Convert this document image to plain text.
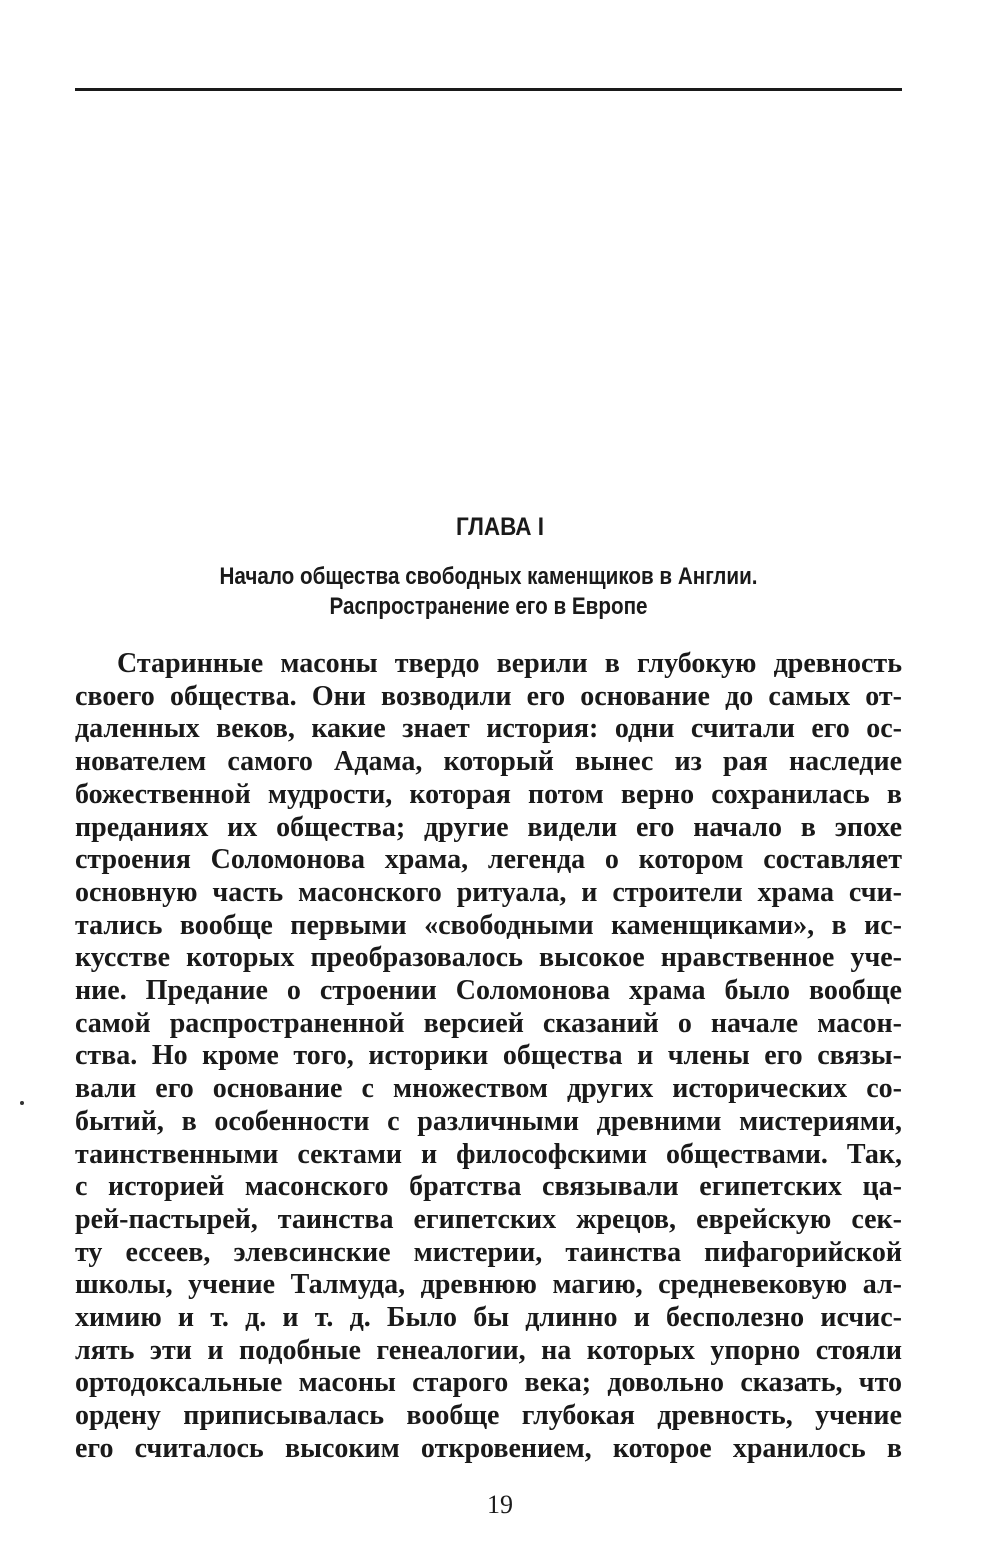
ГЛАВА I
Начало общества свободных каменщиков в Англии.
Распространение его в Европе
Старинные масоны твердо верили в глубокую древность
своего общества. Они возводили его основание до самых от-
даленных веков, какие знает история: одни считали его ос-
нователем самого Адама, который вынес из рая наследие
божественной мудрости, которая потом верно сохранилась в
преданиях их общества; другие видели его начало в эпохе
строения Соломонова храма, легенда о котором составляет
основную часть масонского ритуала, и строители храма счи-
тались вообще первыми «свободными каменщиками», в ис-
кусстве которых преобразовалось высокое нравственное уче-
ние. Предание о строении Соломонова храма было вообще
самой распространенной версией сказаний о начале масон-
ства. Но кроме того, историки общества и члены его связы-
вали его основание с множеством других исторических со-
бытий, в особенности с различными древними мистериями,
таинственными сектами и философскими обществами. Так,
с историей масонского братства связывали египетских ца-
рей-пастырей, таинства египетских жрецов, еврейскую сек-
ту ессеев, элевсинские мистерии, таинства пифагорийской
школы, учение Талмуда, древнюю магию, средневековую ал-
химию и т. д. и т. д. Было бы длинно и бесполезно исчис-
лять эти и подобные генеалогии, на которых упорно стояли
ортодоксальные масоны старого века; довольно сказать, что
ордену приписывалась вообще глубокая древность, учение
его считалось высоким откровением, которое хранилось в
19
